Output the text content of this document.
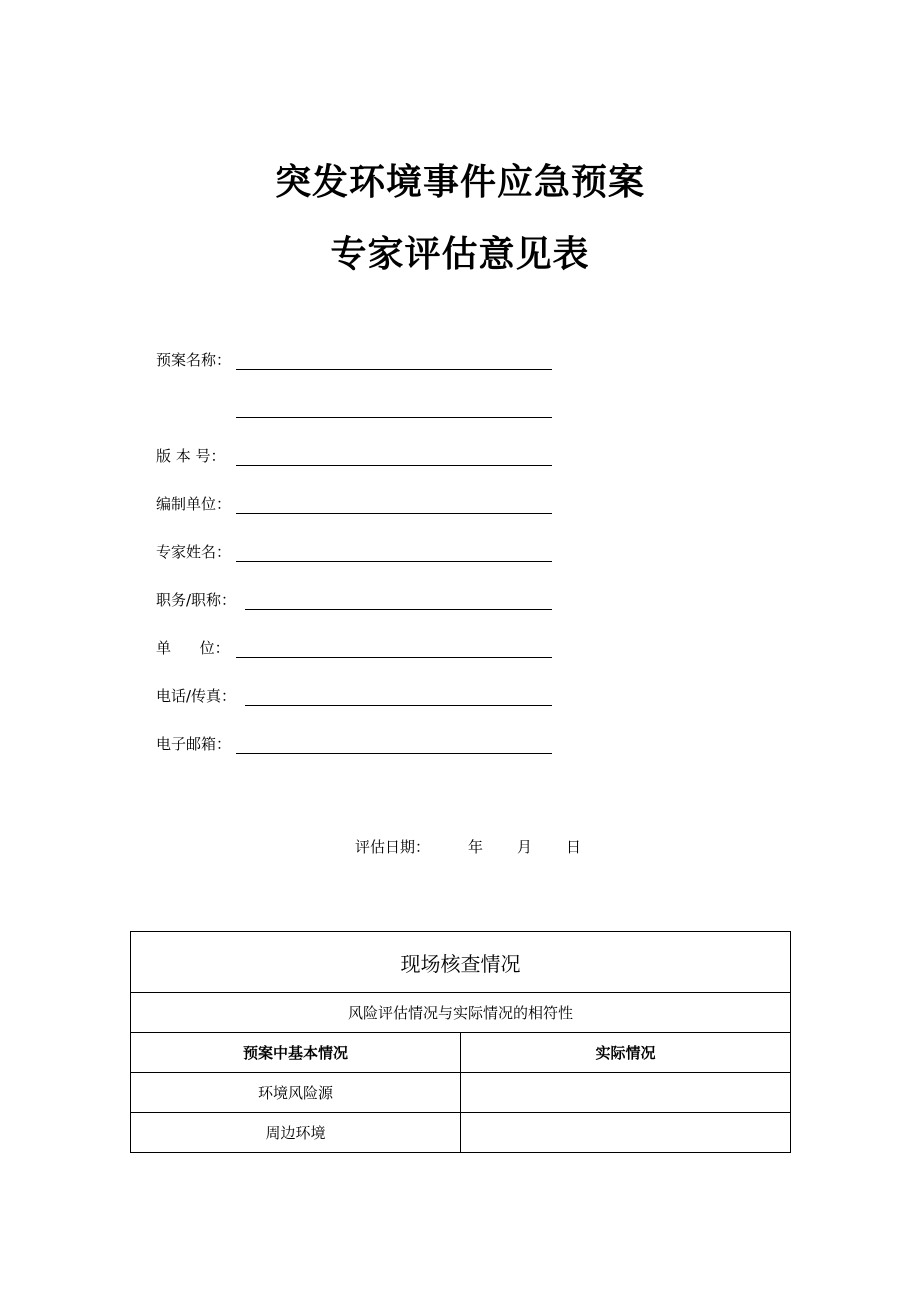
突发环境事件应急预案
专家评估意见表
预案名称：
版 本 号：
编制单位：
专家姓名：
职务/职称：
单      位：
电话/传真：
电子邮箱：
评估日期：	年 月 日
现场核查情况	
风险评估情况与实际情况的相符性	
预案中基本情况	实际情况
环境风险源	
周边环境	
